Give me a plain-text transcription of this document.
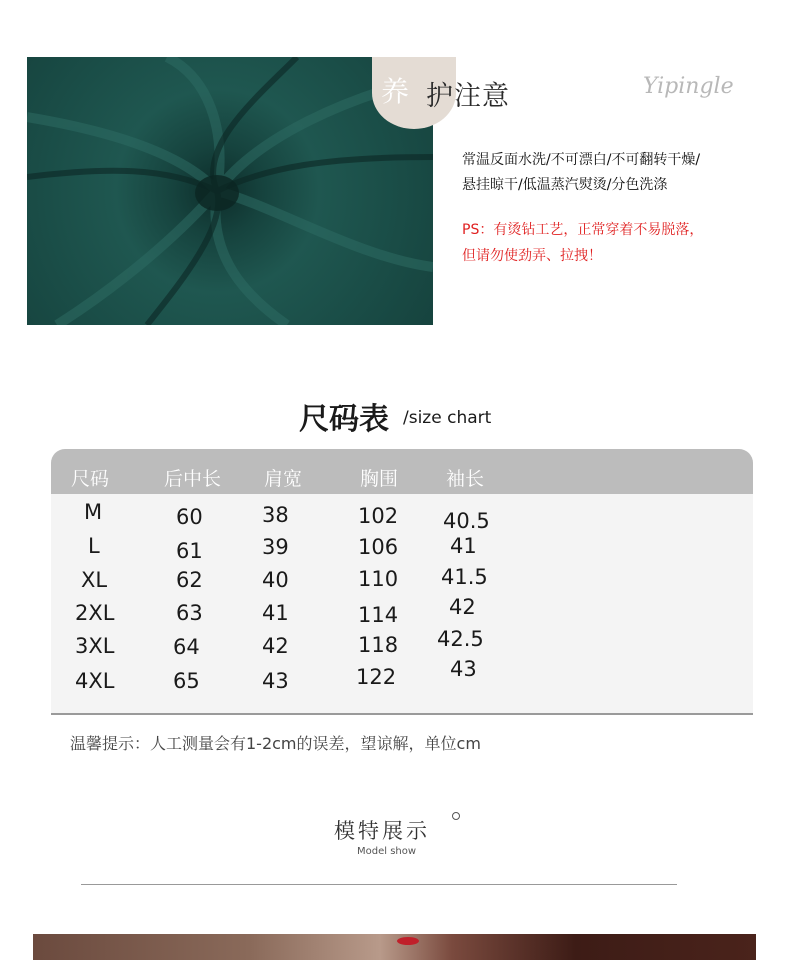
养 护注意	Yipingle
常温反面水洗/不可漂白/不可翻转干燥/
悬挂晾干/低温蒸汽熨烫/分色洗涤
PS：有烫钻工艺，正常穿着不易脱落，
但请勿使劲弄、拉拽！
尺码表 /size chart
尺码	后中长 肩宽	胸围	袖长
M	60	38	102 40.5
L	61	39	106 41
XL	62	40	110 41.5
2XL	63	41	114 42
3XL	64	42	118 42.5
4XL	65	43	122	43
温馨提示：人工测量会有1-2cm的误差，望谅解，单位cm
模特展示
Model show
